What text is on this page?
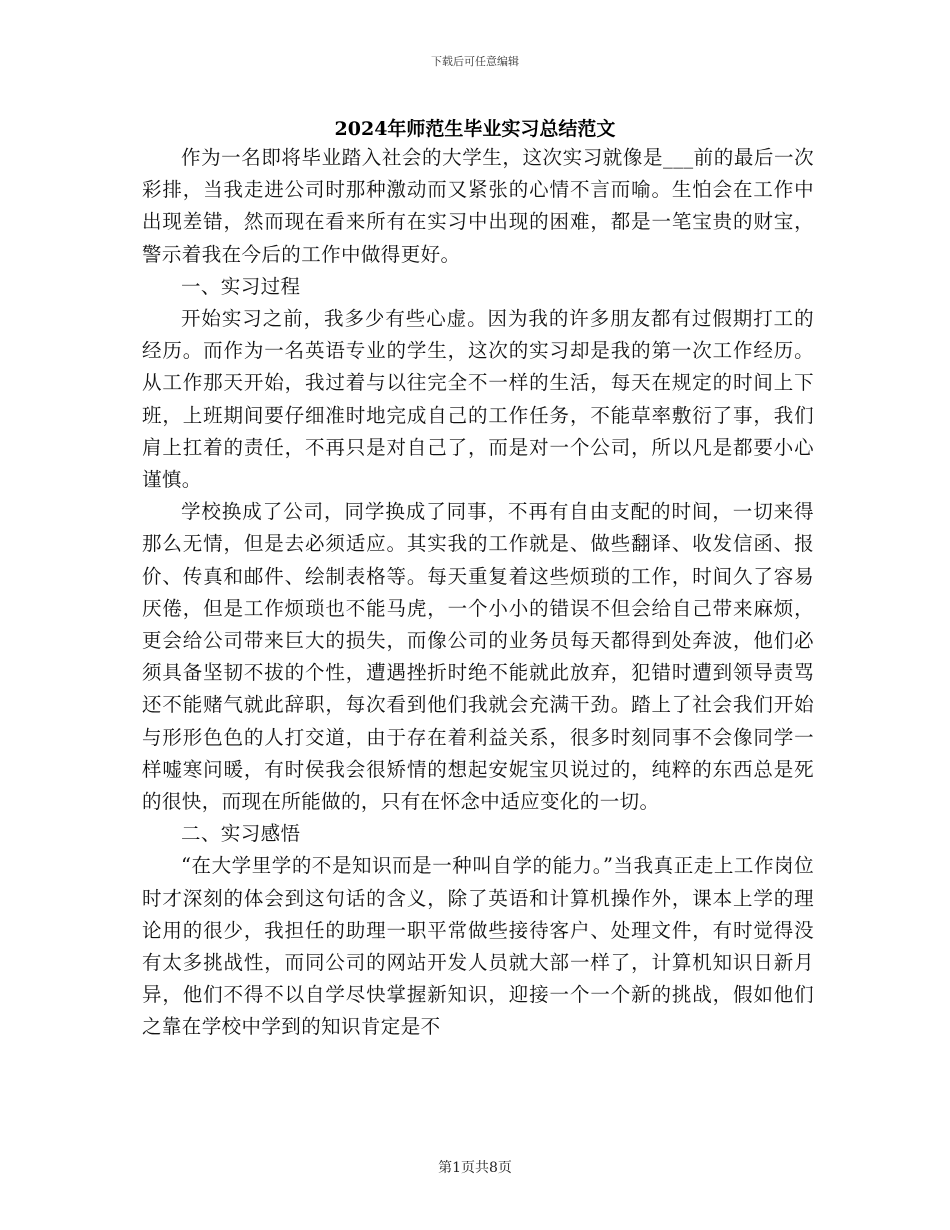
下载后可任意编辑
2024年师范生毕业实习总结范文

作为一名即将毕业踏入社会的大学生，这次实习就像是___前的最后一次彩排，当我走进公司时那种激动而又紧张的心情不言而喻。生怕会在工作中出现差错，然而现在看来所有在实习中出现的困难，都是一笔宝贵的财宝，警示着我在今后的工作中做得更好。

一、实习过程

开始实习之前，我多少有些心虚。因为我的许多朋友都有过假期打工的经历。而作为一名英语专业的学生，这次的实习却是我的第一次工作经历。从工作那天开始，我过着与以往完全不一样的生活，每天在规定的时间上下班，上班期间要仔细准时地完成自己的工作任务，不能草率敷衍了事，我们肩上扛着的责任，不再只是对自己了，而是对一个公司，所以凡是都要小心谨慎。

学校换成了公司，同学换成了同事，不再有自由支配的时间，一切来得那么无情，但是去必须适应。其实我的工作就是、做些翻译、收发信函、报价、传真和邮件、绘制表格等。每天重复着这些烦琐的工作，时间久了容易厌倦，但是工作烦琐也不能马虎，一个小小的错误不但会给自己带来麻烦，更会给公司带来巨大的损失，而像公司的业务员每天都得到处奔波，他们必须具备坚韧不拔的个性，遭遇挫折时绝不能就此放弃，犯错时遭到领导责骂还不能赌气就此辞职，每次看到他们我就会充满干劲。踏上了社会我们开始与形形色色的人打交道，由于存在着利益关系，很多时刻同事不会像同学一样嘘寒问暖，有时侯我会很矫情的想起安妮宝贝说过的，纯粹的东西总是死的很快，而现在所能做的，只有在怀念中适应变化的一切。

二、实习感悟

“在大学里学的不是知识而是一种叫自学的能力。”当我真正走上工作岗位时才深刻的体会到这句话的含义，除了英语和计算机操作外，课本上学的理论用的很少，我担任的助理一职平常做些接待客户、处理文件，有时觉得没有太多挑战性，而同公司的网站开发人员就大部一样了，计算机知识日新月异，他们不得不以自学尽快掌握新知识，迎接一个一个新的挑战，假如他们之靠在学校中学到的知识肯定是不

第1页共8页
